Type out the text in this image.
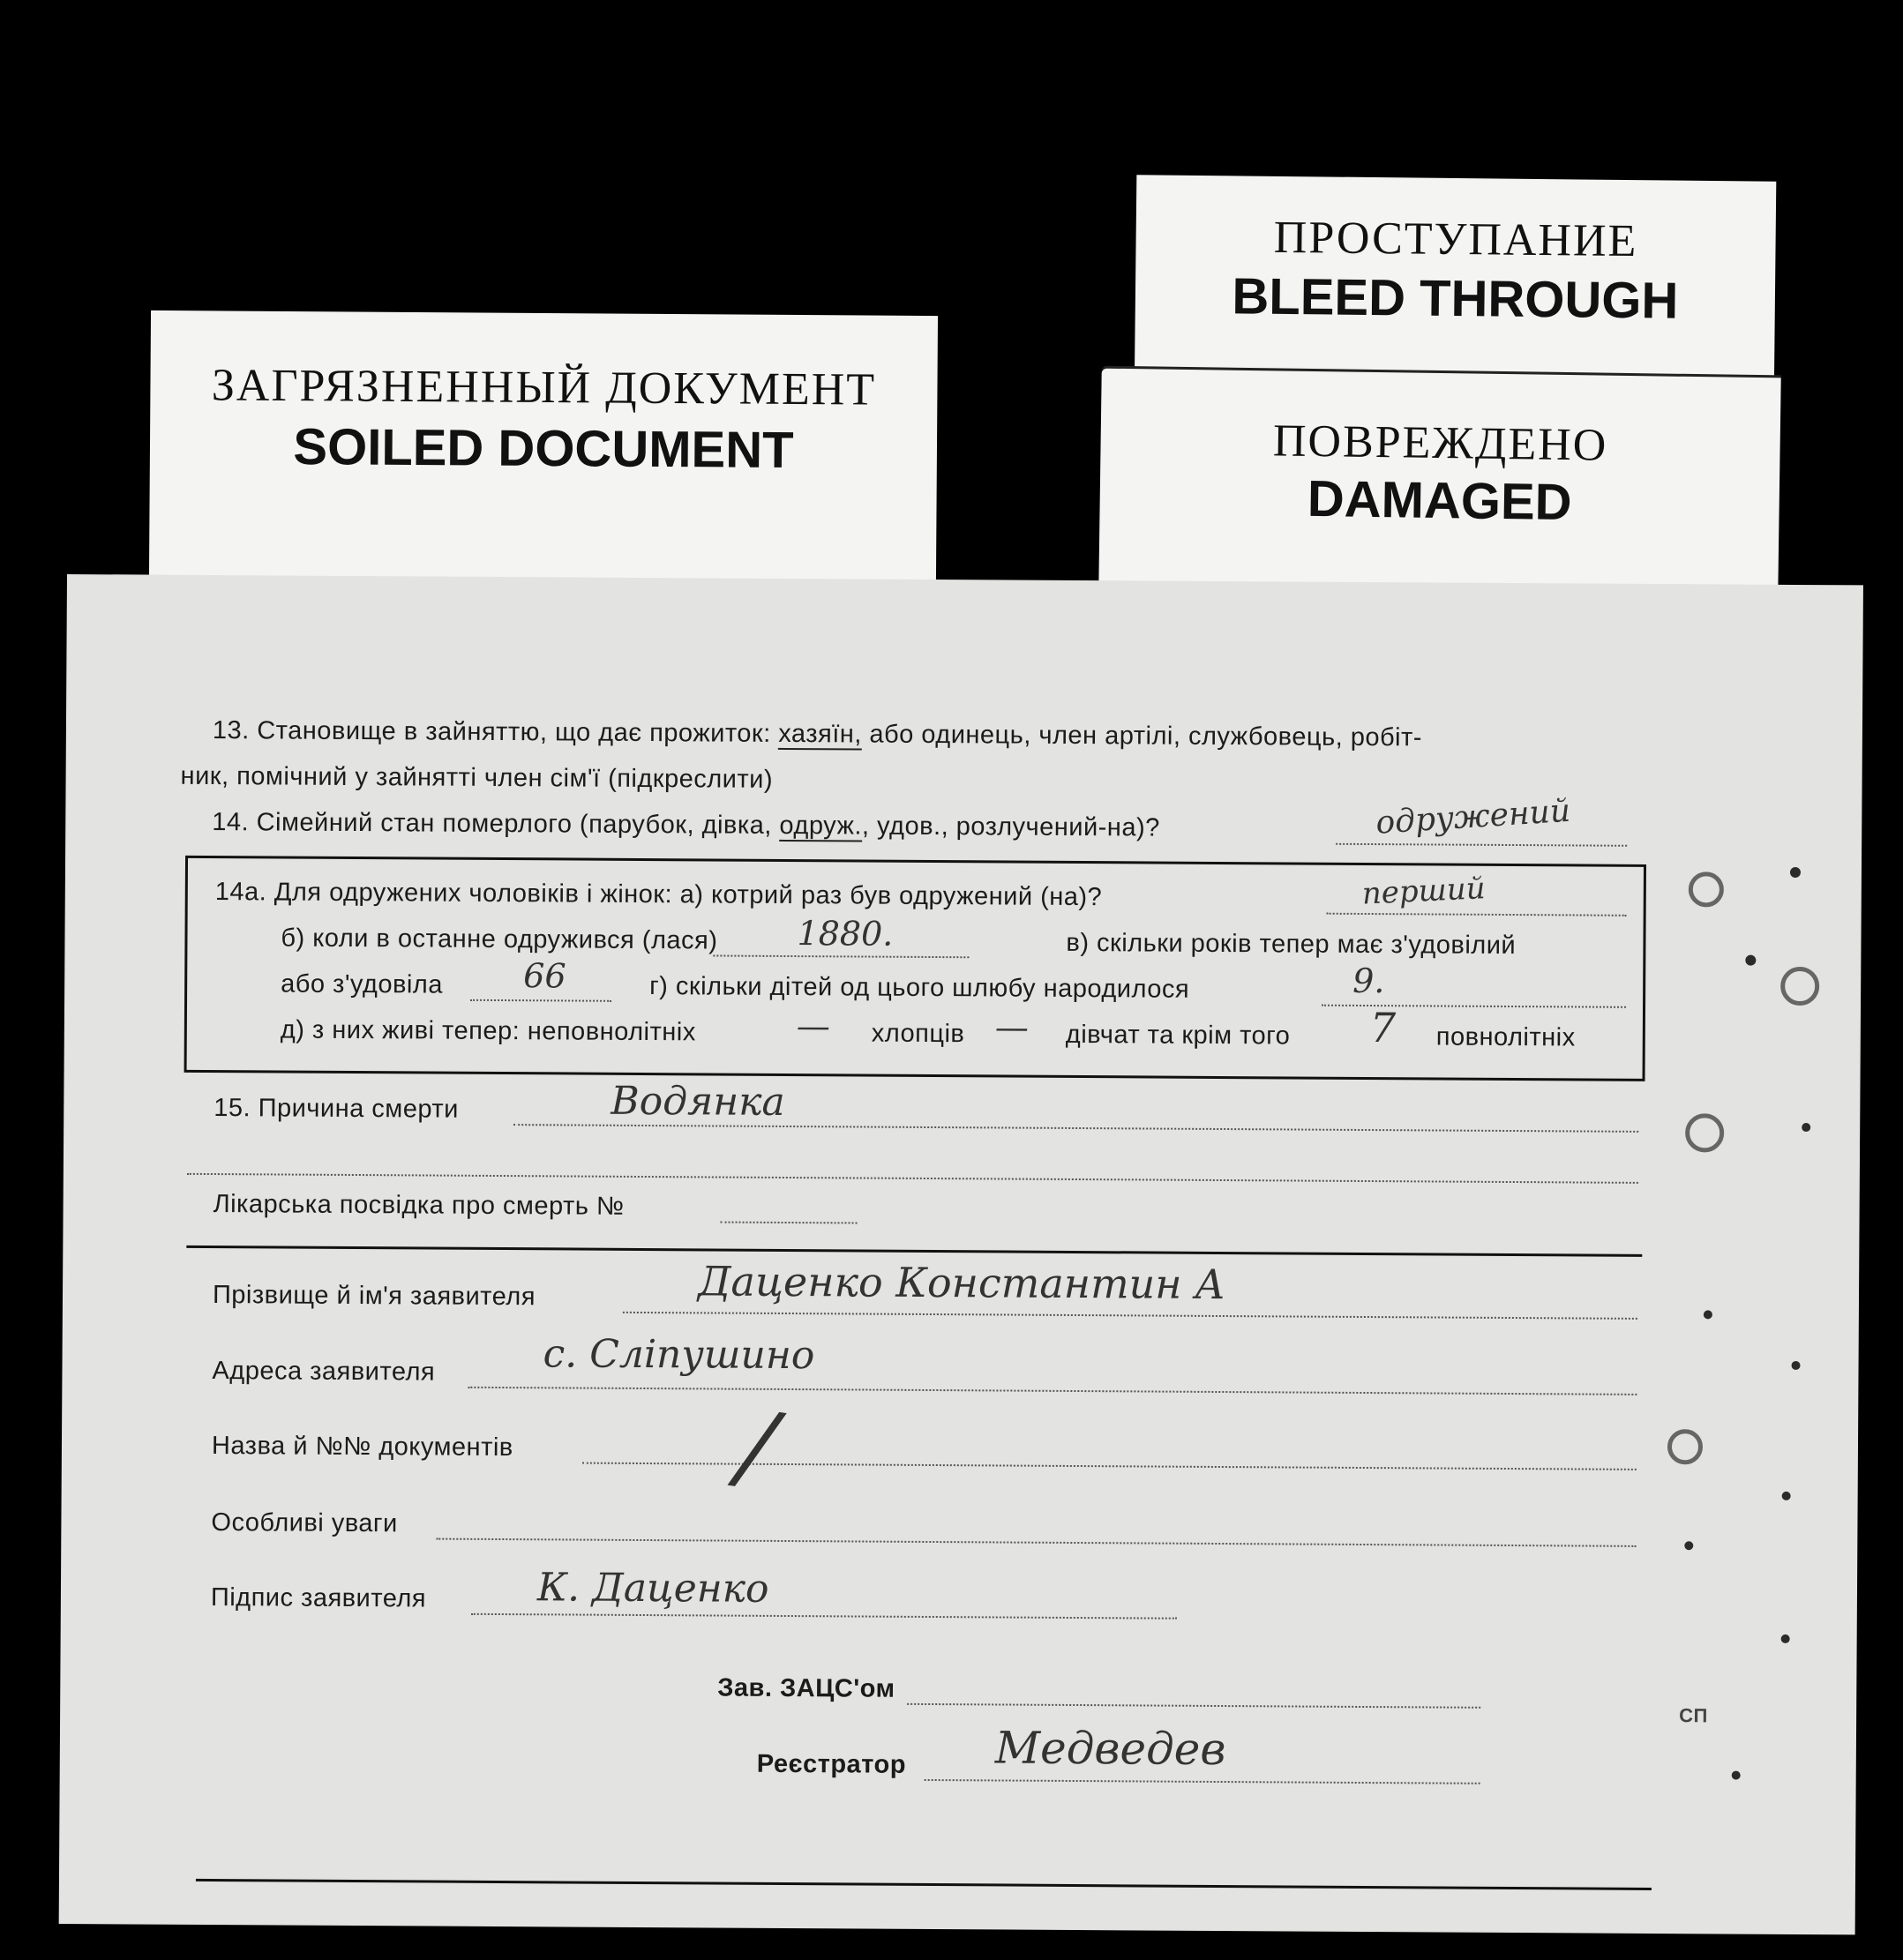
ЗАГРЯЗНЕННЫЙ ДОКУМЕНТ
SOILED DOCUMENT
ПРОСТУПАНИЕ
BLEED THROUGH
ПОВРЕЖДЕНО
DAMAGED
13. Становище в зайняттю, що дає прожиток: хазяїн, або одинець, член артілі, службовець, робіт-
ник, помічний у зайнятті член сім'ї (підкреслити)
14. Сімейний стан померлого (парубок, дівка, одруж., удов., розлучений-на)?	одружений
14а. Для одружених чоловіків і жінок: а) котрий раз був одружений (на)?	перший
б) коли в останне одружився (лася) 1880.	в) скільки років тепер має з'удовілий
або з'удовіла 66	г) скільки дітей од цього шлюбу народилося	9.
д) з них живі тепер: неповнолітніх	— хлопців — дівчат та крім того 7 повнолітніх
15. Причина смерти	Водянка
Лікарська посвідка про смерть №
Прізвище й ім'я заявителя	Даценко Константин А
Адреса заявителя	с. Сліпушино
Назва й №№ документів /
Особливі уваги
Підпис заявителя	К. Даценко
Зав. ЗАЦС'ом
Реєстратор Медведев
СП
